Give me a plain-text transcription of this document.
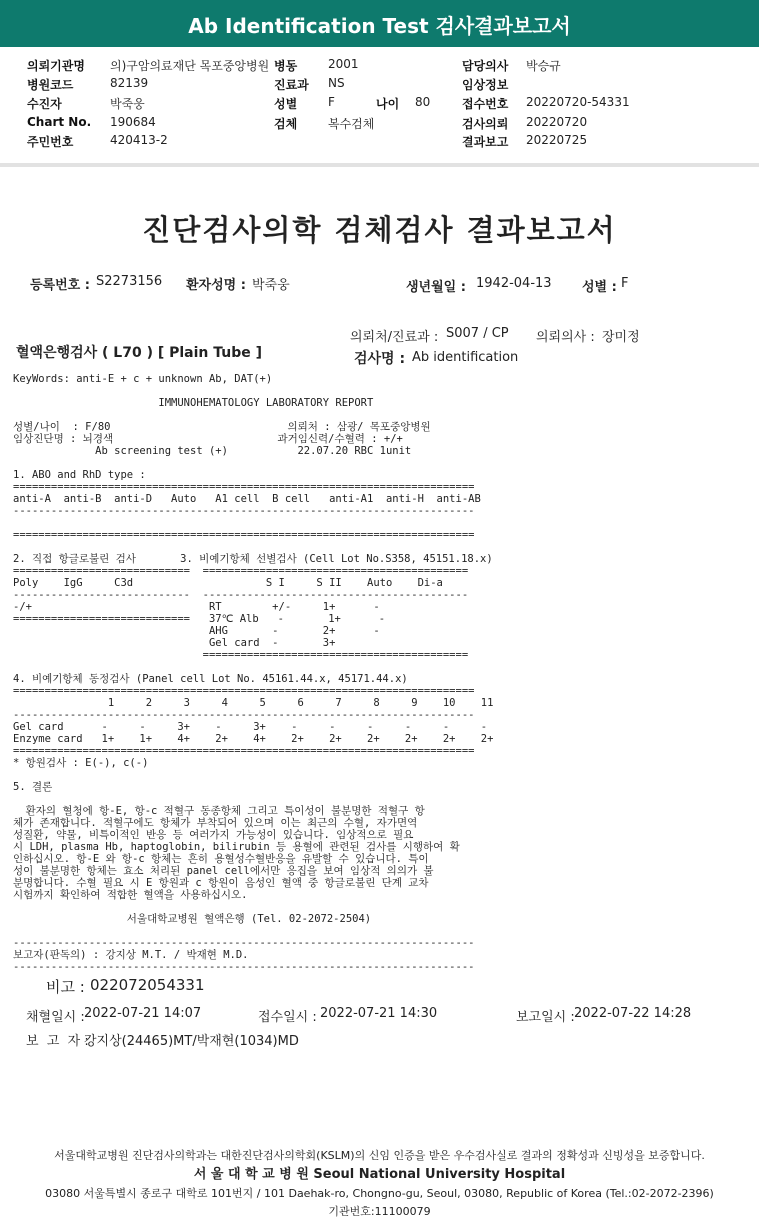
Ab Identification Test 검사결과보고서
진단검사의학 검체검사 결과보고서
등록번호 : S2273156 환자성명 : 박죽웅	생년월일 : 1942-04-13 성별 : F
의뢰처/진료과 : S007 / CP 의뢰의사 : 장미정
혈액은행검사 ( L70 ) [ Plain Tube ]	검사명 : Ab identification
KeyWords: anti-E + c + unknown Ab, DAT(+)
IMMUNOHEMATOLOGY LABORATORY REPORT
성별/나이  : F/80                            의뢰처 : 삼광/ 목포중앙병원
임상진단명 : 뇌경색                          과거임신력/수혈력 : +/+
Ab screening test (+)           22.07.20 RBC 1unit
1. ABO and RhD type :
=========================================================================
anti-A  anti-B  anti-D   Auto   A1 cell  B cell   anti-A1  anti-H  anti-AB
-------------------------------------------------------------------------
=========================================================================
2. 직접 항글로불린 검사       3. 비예기항체 선별검사 (Cell Lot No.S358, 45151.18.x)
============================  ==========================================
Poly    IgG     C3d                     S I     S II    Auto    Di-a
----------------------------  ------------------------------------------
-/+                            RT        +/-     1+      -
============================   37℃ Alb   -       1+      -
AHG       -       2+      -
Gel card  -       3+
==========================================
4. 비예기항체 동정검사 (Panel cell Lot No. 45161.44.x, 45171.44.x)
=========================================================================
1     2     3     4     5     6     7     8     9    10    11
-------------------------------------------------------------------------
Gel card      -     -     3+    -     3+    -     -     -     -     -     -
Enzyme card   1+    1+    4+    2+    4+    2+    2+    2+    2+    2+    2+
=========================================================================
* 항원검사 : E(-), c(-)
5. 결론
환자의 혈청에 항-E, 항-c 적혈구 동종항체 그리고 특이성이 불분명한 적혈구 항
체가 존재합니다. 적혈구에도 항체가 부착되어 있으며 이는 최근의 수혈, 자가면역
성질환, 약물, 비특이적인 반응 등 여러가지 가능성이 있습니다. 임상적으로 필요
시 LDH, plasma Hb, haptoglobin, bilirubin 등 용혈에 관련된 검사를 시행하여 확
인하십시오. 항-E 와 항-c 항체는 흔히 용혈성수혈반응을 유발할 수 있습니다. 특이
성이 불분명한 항체는 효소 처리된 panel cell에서만 응집을 보여 임상적 의의가 불
분명합니다. 수혈 필요 시 E 항원과 c 항원이 음성인 혈액 중 항글로불린 단계 교차
시험까지 확인하여 적합한 혈액을 사용하십시오.
서울대학교병원 혈액은행 (Tel. 02-2072-2504)
-------------------------------------------------------------------------
보고자(판독의) : 강지상 M.T. / 박재현 M.D.
-------------------------------------------------------------------------
비고 : 022072054331
채혈일시 : 2022-07-21 14:07	접수일시 : 2022-07-21 14:30	보고일시 : 2022-07-22 14:28
보  고  자 :
강지상(24465)MT/박재현(1034)MD
서울대학교병원 진단검사의학과는 대한진단검사의학회(KSLM)의 신임 인증을 받은 우수검사실로 결과의 정확성과 신빙성을 보증합니다.
서 울 대 학 교 병 원 Seoul National University Hospital
03080 서울특별시 종로구 대학로 101번지 / 101 Daehak-ro, Chongno-gu, Seoul, 03080, Republic of Korea (Tel.:02-2072-2396)
기관번호:11100079
의뢰기관명 의)구암의료재단 목포중앙병원 병동	2001	담당의사 박승규
병원코드	82139	진료과 NS	임상정보
수진자	박죽웅	성별	F	나이 80	접수번호 20220720-54331
Chart No. 190684	검체	복수검체	검사의뢰 20220720
주민번호	420413-2	결과보고 20220725
